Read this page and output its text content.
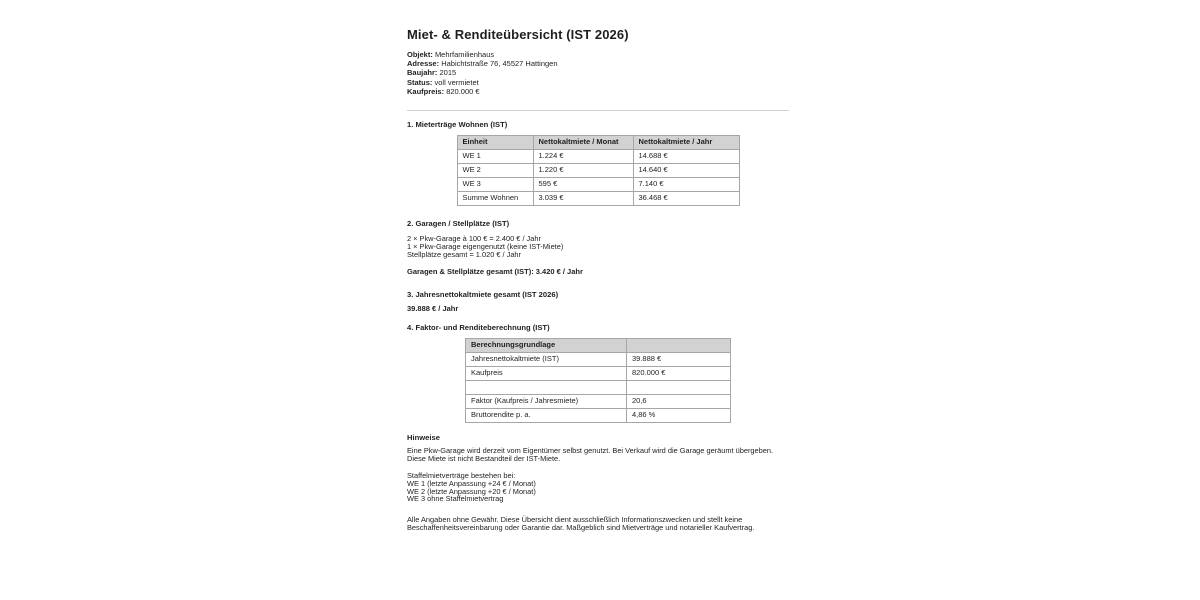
Miet- & Renditeübersicht (IST 2026)
Objekt: Mehrfamilienhaus
Adresse: Habichtstraße 76, 45527 Hattingen
Baujahr: 2015
Status: voll vermietet
Kaufpreis: 820.000 €
1. Mieterträge Wohnen (IST)
Einheit	Nettokaltmiete / Monat	Nettokaltmiete / Jahr
WE 1	1.224 €	14.688 €
WE 2	1.220 €	14.640 €
WE 3	595 €	7.140 €
Summe Wohnen	3.039 €	36.468 €
2. Garagen / Stellplätze (IST)
2 × Pkw-Garage à 100 € = 2.400 € / Jahr
1 × Pkw-Garage eigengenutzt (keine IST-Miete)
Stellplätze gesamt = 1.020 € / Jahr
Garagen & Stellplätze gesamt (IST): 3.420 € / Jahr
3. Jahresnettokaltmiete gesamt (IST 2026)
39.888 € / Jahr
4. Faktor- und Renditeberechnung (IST)
Berechnungsgrundlage	
Jahresnettokaltmiete (IST)	39.888 €
Kaufpreis	820.000 €

Faktor (Kaufpreis / Jahresmiete)	20,6
Bruttorendite p. a.	4,86 %
Hinweise
Eine Pkw-Garage wird derzeit vom Eigentümer selbst genutzt. Bei Verkauf wird die Garage geräumt übergeben. Diese Miete ist nicht Bestandteil der IST-Miete.
Staffelmietverträge bestehen bei:
WE 1 (letzte Anpassung +24 € / Monat)
WE 2 (letzte Anpassung +20 € / Monat)
WE 3 ohne Staffelmietvertrag
Alle Angaben ohne Gewähr. Diese Übersicht dient ausschließlich Informationszwecken und stellt keine Beschaffenheitsvereinbarung oder Garantie dar. Maßgeblich sind Mietverträge und notarieller Kaufvertrag.
